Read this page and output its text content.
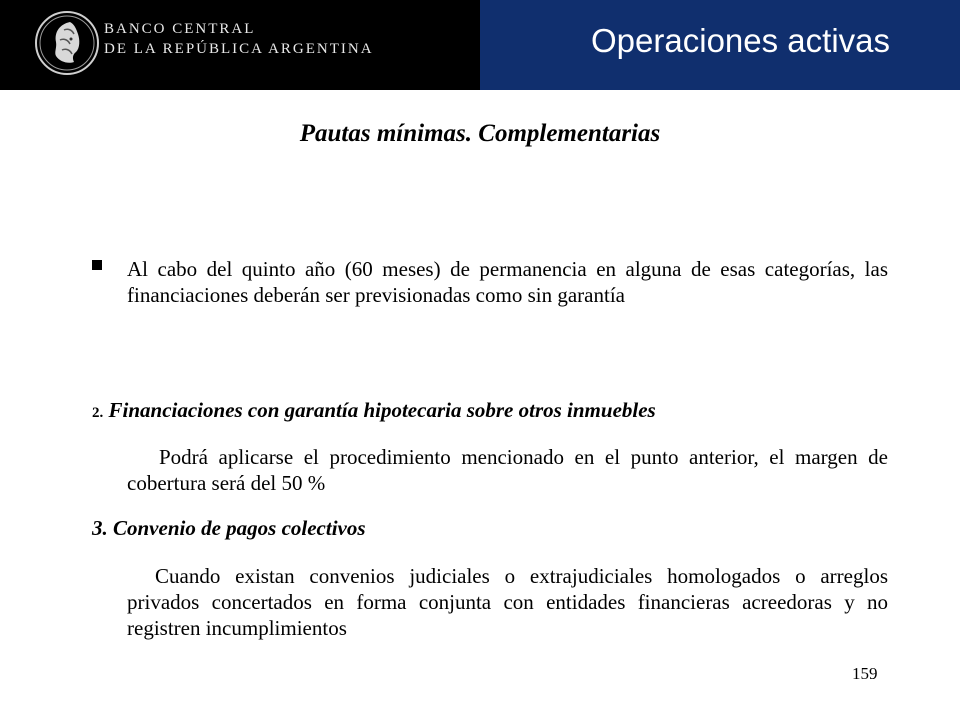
BANCO CENTRAL
DE LA REPÚBLICA ARGENTINA	Operaciones activas
Pautas mínimas. Complementarias
Al cabo del quinto año (60 meses) de permanencia en alguna de esas categorías, las financiaciones deberán ser previsionadas como sin garantía
2. Financiaciones con garantía hipotecaria sobre otros inmuebles
Podrá aplicarse el procedimiento mencionado en el punto anterior, el margen de cobertura será del 50 %
3. Convenio de pagos colectivos
Cuando existan convenios judiciales o extrajudiciales homologados o arreglos privados concertados en forma conjunta con entidades financieras acreedoras y no registren incumplimientos
159
